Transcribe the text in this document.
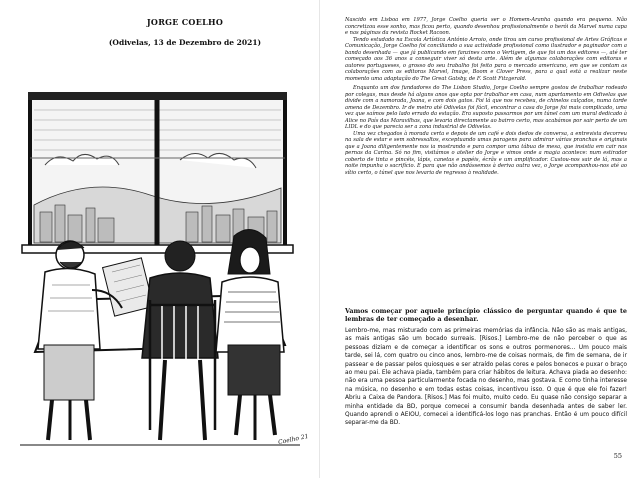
JORGE COELHO
(Odivelas, 13 de Dezembro de 2021)
Coelho 21

Nascido em Lisboa em 1977, Jorge Coelho queria ser o Homem-Aranha quando era pequeno. Não concretizou esse sonho, mas ficou perto, quando desenhou profissionalmente o herói da Marvel numa capa e nas páginas da revista Rocket Racoon.

Tendo estudado na Escola Artística António Arroio, onde tirou um curso profissional de Artes Gráficas e Comunicação, Jorge Coelho foi conciliando a sua actividade profissional como ilustrador e paginador com a banda desenhada — que já publicando em fanzines como o Vertigem, de que foi um dos editores —, até ter começado aos 36 anos a conseguir viver só desta arte. Além de algumas colaborações com editoras e autores portugueses, o grosso do seu trabalho foi feito para o mercado americano, em que se contam as colaborações com as editoras Marvel, Image, Boom e Clover Press, para a qual está a realizar neste momento uma adaptação do The Great Gatsby, de F. Scott Fitzgerald.

Enquanto um dos fundadores do The Lisbon Studio, Jorge Coelho sempre gostou de trabalhar rodeado por colegas, mas desde há alguns anos que opta por trabalhar em casa, num apartamento em Odivelas que divide com a namorada, Joana, e com dois gatos. Foi lá que nos recebeu, de chinelos calçados, numa tarde amena de Dezembro. Ir de metro até Odivelas foi fácil, encontrar a casa do Jorge foi mais complicado, uma vez que saímos pelo lado errado da estação. Era suposto passarmos por um túnel com um mural dedicado à Alice no País das Maravilhas, que levaria directamente ao bairro certo, mas acabámos por sair perto de um LIDL e do que parecia ser a zona industrial de Odivelas.

Uma vez chegados à morada certa e depois de um café e dois dedos de conversa, a entrevista decorreu na sala de estar e sem sobressaltos, exceptuando umas paragens para admirar várias pranchas e originais que a Joana diligentemente nos ia mostrando e para compor uma tábua de mesa, que insistia em cair nas pernas da Carina. Só no fim, visitámos o atelier do Jorge e vimos onde a magia acontece: num estirador coberto de tinta e pincéis, lápis, canetas e papéis, écrãs e um amplificador. Custou-nos sair de lá, mas a noite impunha o sacrifício. E para que não andássemos à deriva outra vez, o Jorge acompanhou-nos até ao sítio certo, o túnel que nos levaria de regresso à realidade.

Vamos começar por aquele princípio clássico de perguntar quando é que te lembras de ter começado a desenhar.
Lembro-me, mas misturado com as primeiras memórias da infância. Não são as mais antigas, as mais antigas são um bocado surreais. [Risos.] Lembro-me de não perceber o que as pessoas diziam e de começar a identificar os sons e outros pormenores… Um pouco mais tarde, sei lá, com quatro ou cinco anos, lembro-me de coisas normais, de fim de semana, de ir passear e de passar pelos quiosques e ser atraído pelas cores e pelos bonecos e puxar o braço ao meu pai. Ele achava piada, também para criar hábitos de leitura. Achava piada ao desenho: não era uma pessoa particularmente focada no desenho, mas gostava. E como tinha interesse na música, no desenho e em todas estas coisas, incentivou isso. O que é que ele foi fazer! Abriu a Caixa de Pandora. [Risos.] Mas foi muito, muito cedo. Eu quase não consigo separar a minha entidade da BD, porque comecei a consumir banda desenhada antes de saber ler. Quando aprendi o AEIOU, comecei a identificá-los logo nas pranchas. Então é um pouco difícil separar-me da BD.
55
